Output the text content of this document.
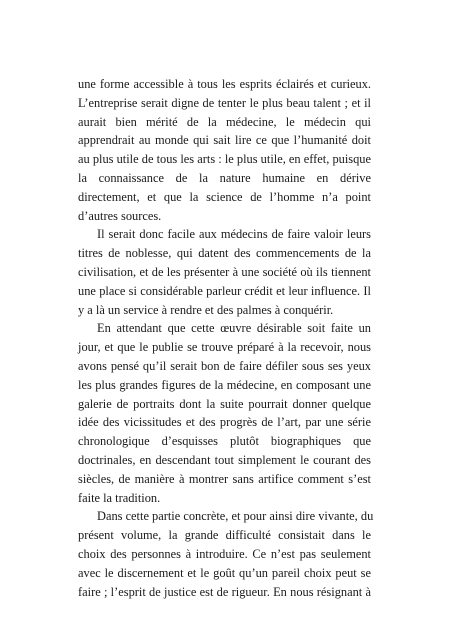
une forme accessible à tous les esprits éclairés et curieux.
L’entreprise serait digne de tenter le plus beau talent ; et il
aurait bien mérité de la médecine, le médecin qui
apprendrait au monde qui sait lire ce que l’humanité doit
au plus utile de tous les arts : le plus utile, en effet, puisque
la connaissance de la nature humaine en dérive
directement, et que la science de l’homme n’a point
d’autres sources.
Il serait donc facile aux médecins de faire valoir leurs
titres de noblesse, qui datent des commencements de la
civilisation, et de les présenter à une société où ils tiennent
une place si considérable parleur crédit et leur influence. Il
y a là un service à rendre et des palmes à conquérir.
En attendant que cette œuvre désirable soit faite un
jour, et que le publie se trouve préparé à la recevoir, nous
avons pensé qu’il serait bon de faire défiler sous ses yeux
les plus grandes figures de la médecine, en composant une
galerie de portraits dont la suite pourrait donner quelque
idée des vicissitudes et des progrès de l’art, par une série
chronologique d’esquisses plutôt biographiques que
doctrinales, en descendant tout simplement le courant des
siècles, de manière à montrer sans artifice comment s’est
faite la tradition.
Dans cette partie concrète, et pour ainsi dire vivante, du
présent volume, la grande difficulté consistait dans le
choix des personnes à introduire. Ce n’est pas seulement
avec le discernement et le goût qu’un pareil choix peut se
faire ; l’esprit de justice est de rigueur. En nous résignant à
